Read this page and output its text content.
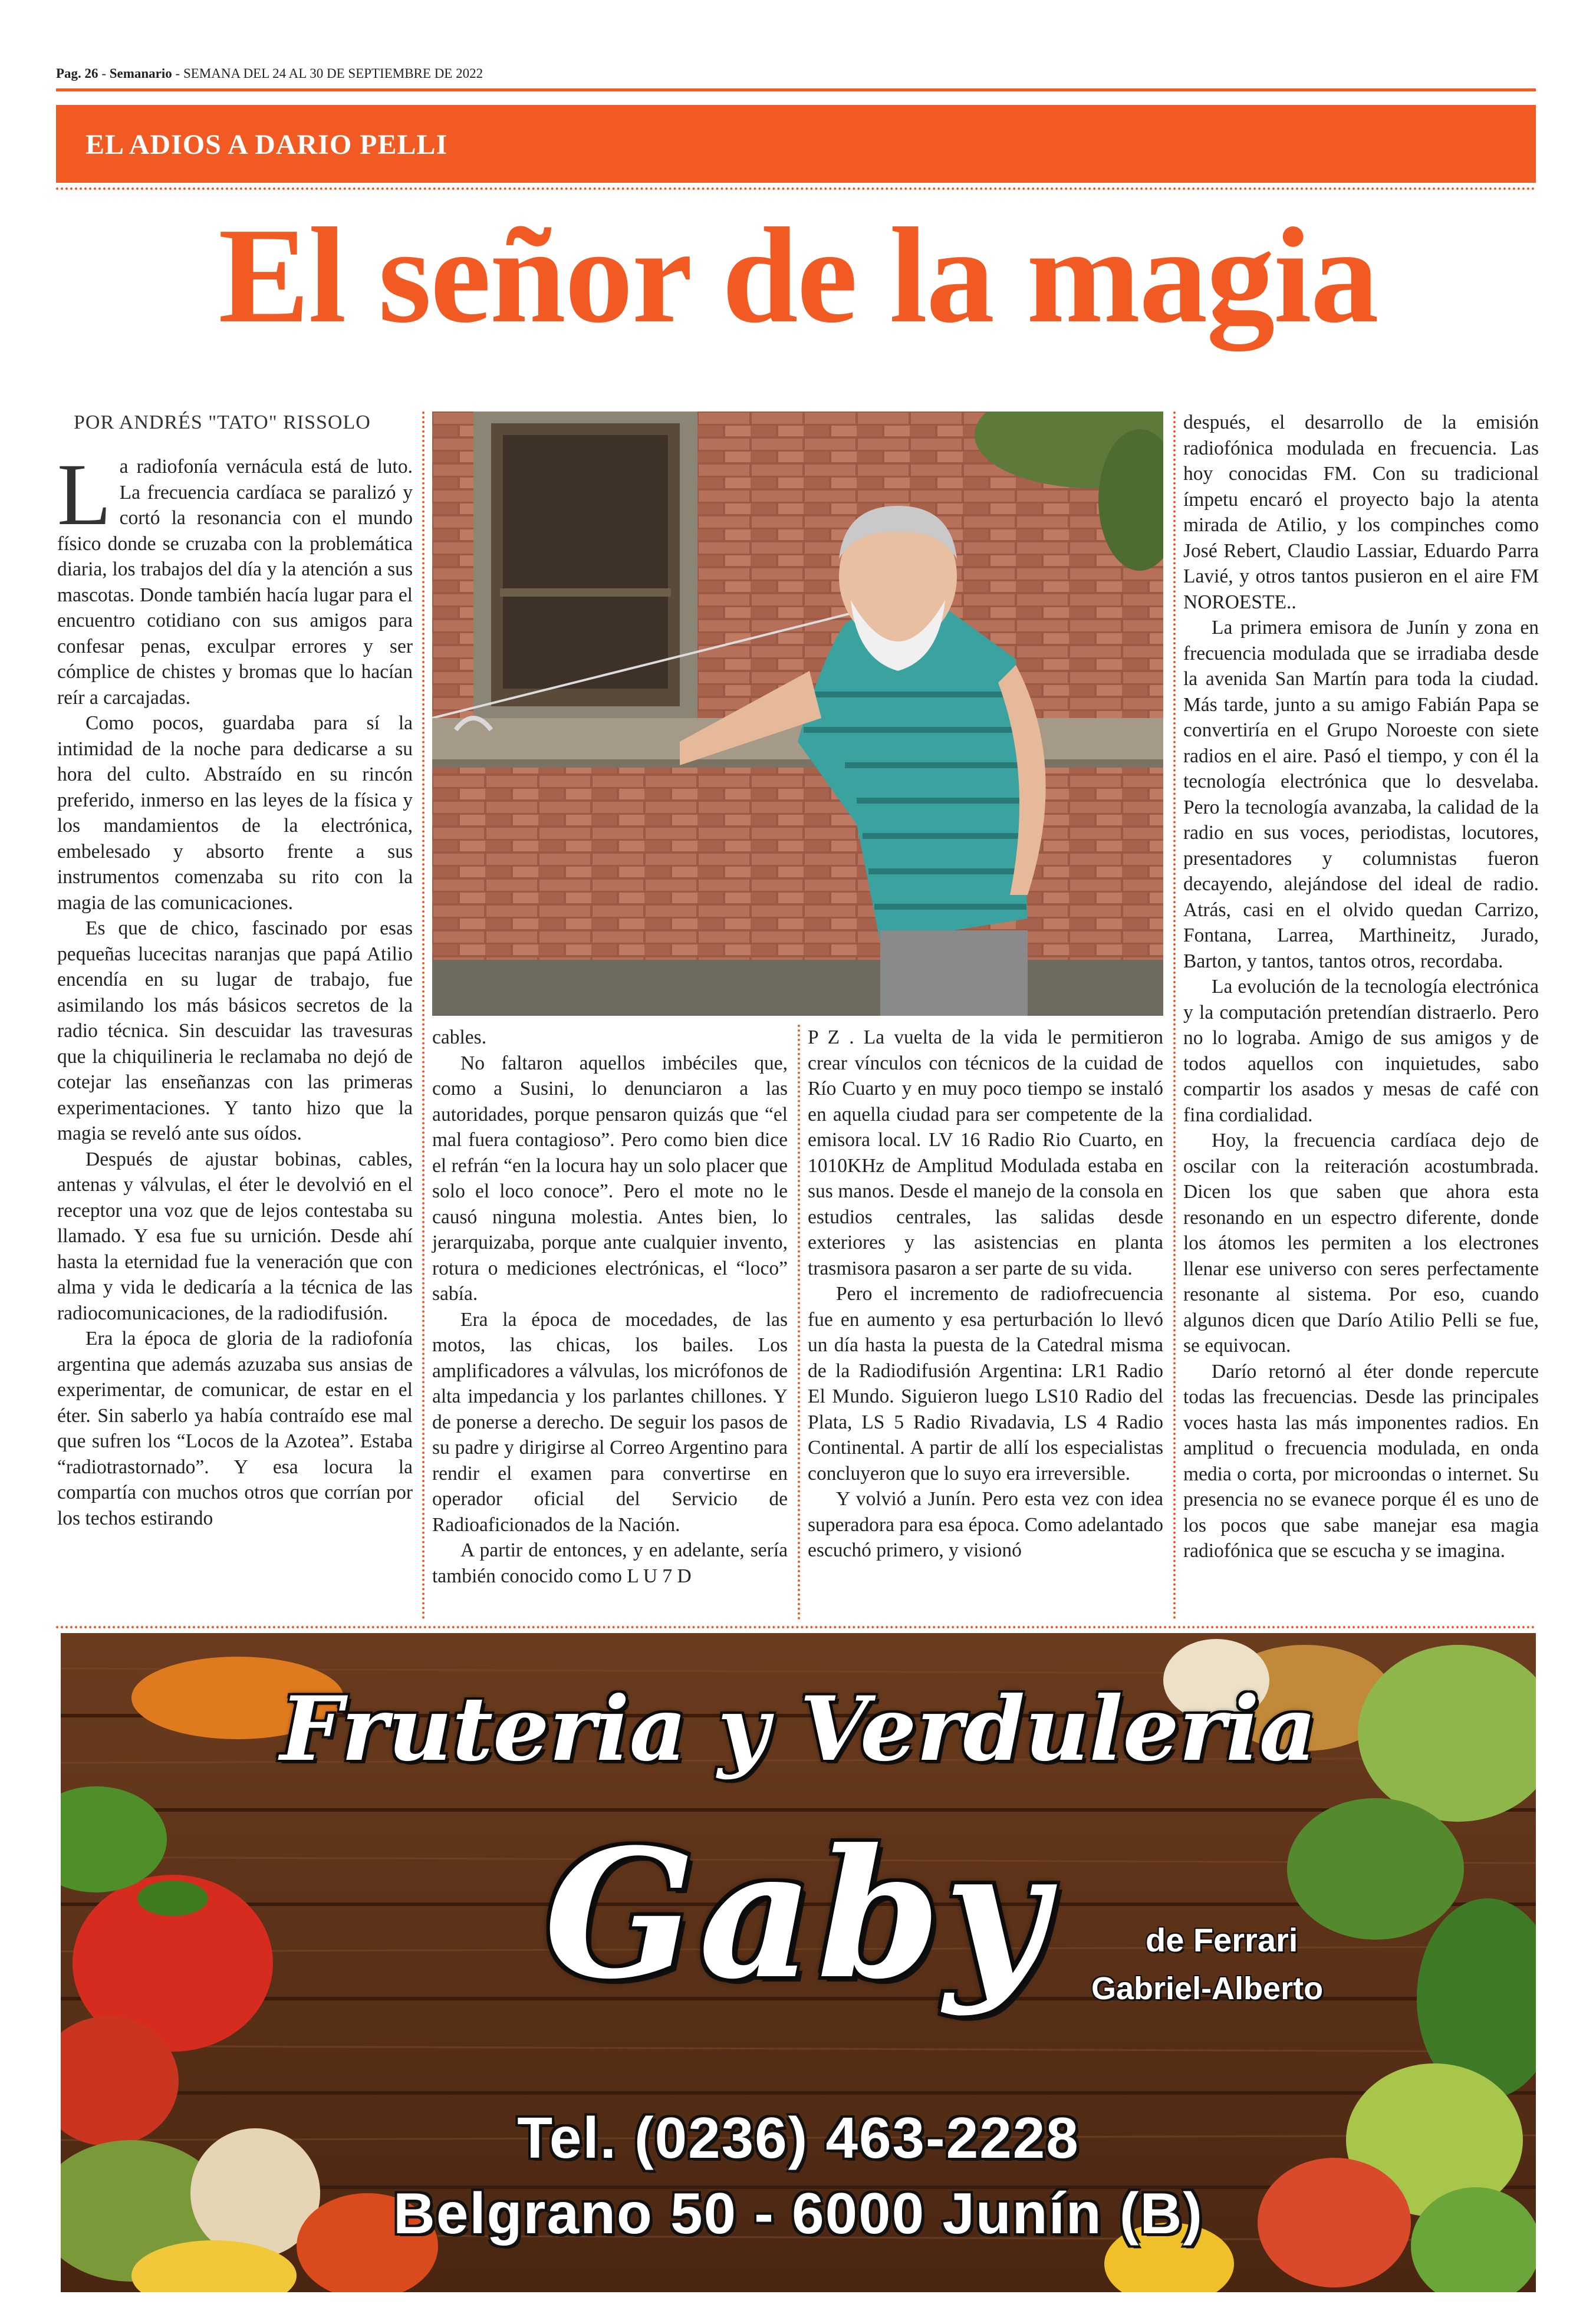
Pag. 26 - Semanario - SEMANA DEL 24 AL 30 DE SEPTIEMBRE DE 2022
EL ADIOS A DARIO PELLI
El señor de la magia
POR ANDRÉS "TATO" RISSOLO

La radiofonía vernácula está de luto. La frecuencia cardíaca se paralizó y cortó la resonancia con el mundo físico donde se cruzaba con la problemática diaria, los trabajos del día y la atención a sus mascotas. Donde también hacía lugar para el encuentro cotidiano con sus amigos para confesar penas, exculpar errores y ser cómplice de chistes y bromas que lo hacían reír a carcajadas.

Como pocos, guardaba para sí la intimidad de la noche para dedicarse a su hora del culto. Abstraído en su rincón preferido, inmerso en las leyes de la física y los mandamientos de la electrónica, embelesado y absorto frente a sus instrumentos comenzaba su rito con la magia de las comunicaciones.

Es que de chico, fascinado por esas pequeñas lucecitas naranjas que papá Atilio encendía en su lugar de trabajo, fue asimilando los más básicos secretos de la radio técnica. Sin descuidar las travesuras que la chiquilineria le reclamaba no dejó de cotejar las enseñanzas con las primeras experimentaciones. Y tanto hizo que la magia se reveló ante sus oídos.

Después de ajustar bobinas, cables, antenas y válvulas, el éter le devolvió en el receptor una voz que de lejos contestaba su llamado. Y esa fue su urnición. Desde ahí hasta la eternidad fue la veneración que con alma y vida le dedicaría a la técnica de las radiocomunicaciones, de la radiodifusión.

Era la época de gloria de la radiofonía argentina que además azuzaba sus ansias de experimentar, de comunicar, de estar en el éter. Sin saberlo ya había contraído ese mal que sufren los “Locos de la Azotea”. Estaba “radiotrastornado”. Y esa locura la compartía con muchos otros que corrían por los techos estirando

cables.

No faltaron aquellos imbéciles que, como a Susini, lo denunciaron a las autoridades, porque pensaron quizás que “el mal fuera contagioso”. Pero como bien dice el refrán “en la locura hay un solo placer que solo el loco conoce”. Pero el mote no le causó ninguna molestia. Antes bien, lo jerarquizaba, porque ante cualquier invento, rotura o mediciones electrónicas, el “loco” sabía.

Era la época de mocedades, de las motos, las chicas, los bailes. Los amplificadores a válvulas, los micrófonos de alta impedancia y los parlantes chillones. Y de ponerse a derecho. De seguir los pasos de su padre y dirigirse al Correo Argentino para rendir el examen para convertirse en operador oficial del Servicio de Radioaficionados de la Nación.

A partir de entonces, y en adelante, sería también conocido como L U 7 D

P Z . La vuelta de la vida le permitieron crear vínculos con técnicos de la cuidad de Río Cuarto y en muy poco tiempo se instaló en aquella ciudad para ser competente de la emisora local. LV 16 Radio Rio Cuarto, en 1010KHz de Amplitud Modulada estaba en sus manos. Desde el manejo de la consola en estudios centrales, las salidas desde exteriores y las asistencias en planta trasmisora pasaron a ser parte de su vida.

Pero el incremento de radiofrecuencia fue en aumento y esa perturbación lo llevó un día hasta la puesta de la Catedral misma de la Radiodifusión Argentina: LR1 Radio El Mundo. Siguieron luego LS10 Radio del Plata, LS 5 Radio Rivadavia, LS 4 Radio Continental. A partir de allí los especialistas concluyeron que lo suyo era irreversible.

Y volvió a Junín. Pero esta vez con idea superadora para esa época. Como adelantado escuchó primero, y visionó

después, el desarrollo de la emisión radiofónica modulada en frecuencia. Las hoy conocidas FM. Con su tradicional ímpetu encaró el proyecto bajo la atenta mirada de Atilio, y los compinches como José Rebert, Claudio Lassiar, Eduardo Parra Lavié, y otros tantos pusieron en el aire FM NOROESTE..

La primera emisora de Junín y zona en frecuencia modulada que se irradiaba desde la avenida San Martín para toda la ciudad. Más tarde, junto a su amigo Fabián Papa se convertiría en el Grupo Noroeste con siete radios en el aire. Pasó el tiempo, y con él la tecnología electrónica que lo desvelaba. Pero la tecnología avanzaba, la calidad de la radio en sus voces, periodistas, locutores, presentadores y columnistas fueron decayendo, alejándose del ideal de radio. Atrás, casi en el olvido quedan Carrizo, Fontana, Larrea, Marthineitz, Jurado, Barton, y tantos, tantos otros, recordaba.

La evolución de la tecnología electrónica y la computación pretendían distraerlo. Pero no lo lograba. Amigo de sus amigos y de todos aquellos con inquietudes, sabo compartir los asados y mesas de café con fina cordialidad.

Hoy, la frecuencia cardíaca dejo de oscilar con la reiteración acostumbrada. Dicen los que saben que ahora esta resonando en un espectro diferente, donde los átomos les permiten a los electrones llenar ese universo con seres perfectamente resonante al sistema. Por eso, cuando algunos dicen que Darío Atilio Pelli se fue, se equivocan.

Darío retornó al éter donde repercute todas las frecuencias. Desde las principales voces hasta las más imponentes radios. En amplitud o frecuencia modulada, en onda media o corta, por microondas o internet. Su presencia no se evanece porque él es uno de los pocos que sabe manejar esa magia radiofónica que se escucha y se imagina.

Fruteria y Verduleria
Gaby	de Ferrari
Gabriel-Alberto
Tel. (0236) 463-2228
Belgrano 50 - 6000 Junín (B)
